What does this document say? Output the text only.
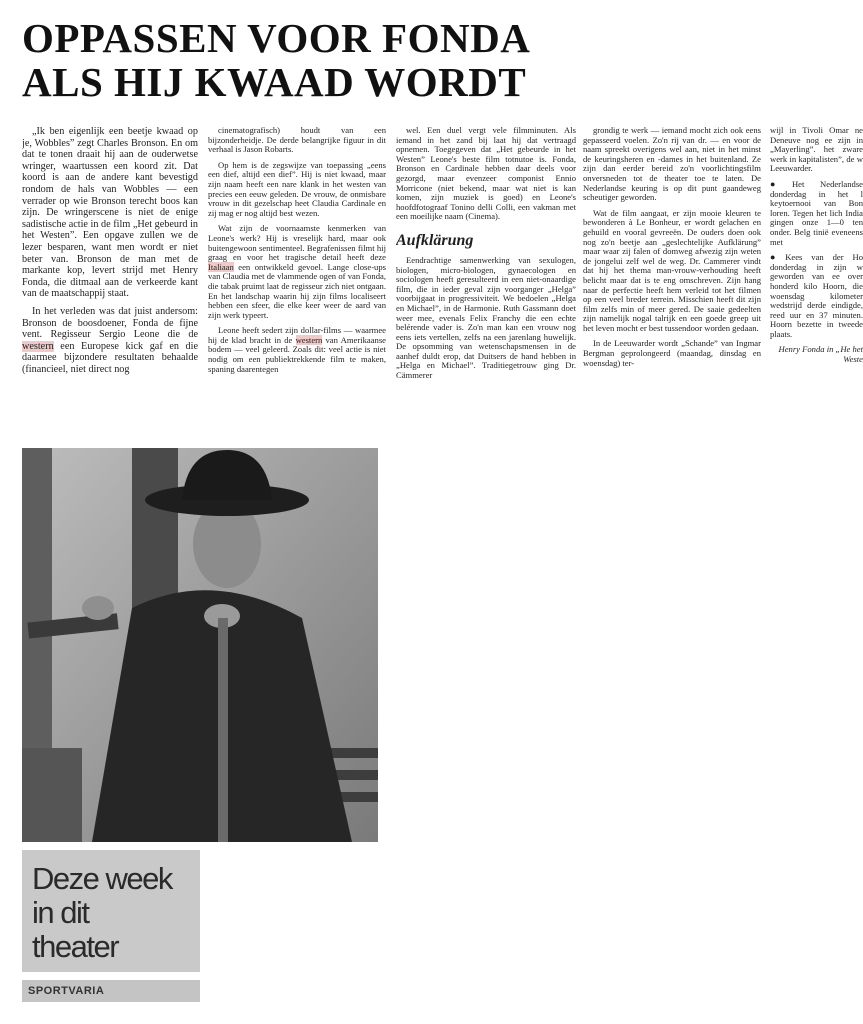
OPPASSEN VOOR FONDA
ALS HIJ KWAAD WORDT

„Ik ben eigenlijk een beetje kwaad op je, Wobbles” zegt Charles Bronson. En om dat te tonen draait hij aan de ouderwetse wringer, waartussen een koord zit. Dat koord is aan de andere kant bevestigd rondom de hals van Wobbles — een verrader op wie Bronson terecht boos kan zijn. De wringerscene is niet de enige sadistische actie in de film „Het gebeurd in het Westen”. Een opgave zullen we de lezer besparen, want men wordt er niet beter van. Bronson de man met de markante kop, levert strijd met Henry Fonda, die ditmaal aan de verkeerde kant van de maatschappij staat.

In het verleden was dat juist andersom: Bronson de boosdoener, Fonda de fijne vent. Regisseur Sergio Leone die de western een Europese kick gaf en die daarmee bijzondere resultaten behaalde (financieel, niet direct nog

cinematografisch) houdt van een bijzonderheidje. De derde belangrijke figuur in dit verhaal is Jason Robarts.

Op hem is de zegswijze van toepassing „eens een dief, altijd een dief”. Hij is niet kwaad, maar zijn naam heeft een nare klank in het westen van precies een eeuw geleden. De vrouw, de onmisbare vrouw in dit gezelschap heet Claudia Cardinale en zij mag er nog altijd best wezen.

Wat zijn de voornaamste kenmerken van Leone's werk? Hij is vreselijk hard, maar ook buitengewoon sentimenteel. Begrafenissen filmt hij graag en voor het tragische detail heeft deze Italiaan een ontwikkeld gevoel. Lange close-ups van Claudia met de vlammende ogen of van Fonda, die tabak pruimt laat de regisseur zich niet ontgaan. En het landschap waarin hij zijn films localiseert hebben een sfeer, die elke keer weer de aard van zijn werk typeert.

Leone heeft sedert zijn dollar-films — waarmee hij de klad bracht in de western van Amerikaanse bodem — veel geleerd. Zoals dit: veel actie is niet nodig om een publiektrekkende film te maken, spaning daarentegen

wel. Een duel vergt vele filmminuten. Als iemand in het zand bij laat hij dat vertraagd opnemen. Toegegeven dat „Het gebeurde in het Westen” Leone's beste film totnutoe is. Fonda, Bronson en Cardinale hebben daar deels voor gezorgd, maar evenzeer componist Ennio Morricone (niet bekend, maar wat niet is kan komen, zijn muziek is goed) en Leone's hoofdfotograaf Tonino delli Colli, een vakman met een moeilijke naam (Cinema).

Aufklärung

Eendrachtige samenwerking van sexulogen, biologen, micro-biologen, gynaecologen en sociologen heeft geresulteerd in een niet-onaardige film, die in ieder geval zijn voorganger „Helga” voorbijgaat in progressiviteit. We bedoelen „Helga en Michael”, in de Harmonie. Ruth Gassmann doet weer mee, evenals Felix Franchy die een echte belérende vader is. Zo'n man kan een vrouw nog eens iets vertellen, zelfs na een jarenlang huwelijk. De opsomming van wetenschapsmensen in de aanhef duldt erop, dat Duitsers de hand hebben in „Helga en Michael”. Traditiegetrouw ging Dr. Cämmerer

grondig te werk — iemand mocht zich ook eens gepasseerd voelen. Zo'n rij van dr. — en voor de naam spreekt overigens wel aan, niet in het minst de keuringsheren en -dames in het buitenland. Ze zijn dan eerder bereid zo'n voorlichtingsfilm onversneden tot de theater toe te laten. De Nederlandse keuring is op dit punt gaandeweg scheutiger geworden.

Wat de film aangaat, er zijn mooie kleuren te bewonderen à Le Bonheur, er wordt gelachen en gehuild en vooral gevreeën. De ouders doen ook nog zo'n beetje aan „geslechtelijke Aufklärung” maar waar zij falen of domweg afwezig zijn weten de jongelui zelf wel de weg. Dr. Cammerer vindt dat hij het thema man-vrouw-verhouding heeft belicht maar dat is te eng omschreven. Zijn hang naar de perfectie heeft hem verleid tot het filmen op een veel breder terrein. Misschien heeft dit zijn film zelfs min of meer gered. De saaie gedeelten zijn namelijk nogal talrijk en een goede greep uit het leven mocht er best tussendoor worden gedaan.

In de Leeuwarder wordt „Schande” van Ingmar Bergman geprolongeerd (maandag, dinsdag en woensdag) ter-

wijl in Tivoli Omar ne Deneuve nog ee zijn in „Mayerling”. het zware werk in kapitalisten”, de w Leeuwarder.

● Het Nederlandse donderdag in het l keytoernooi van Bon loren. Tegen het lich India gingen onze 1—0 ten onder. Belg tinië eveneens met

● Kees van der Ho donderdag in zijn w geworden van ee over honderd kilo Hoorn, die woensdag kilometer wedstrijd derde eindigde, reed uur en 37 minuten. Hoorn bezette in tweede plaats.

Henry Fonda in „He het Weste

Deze week
in dit
theater
SPORTVARIA
